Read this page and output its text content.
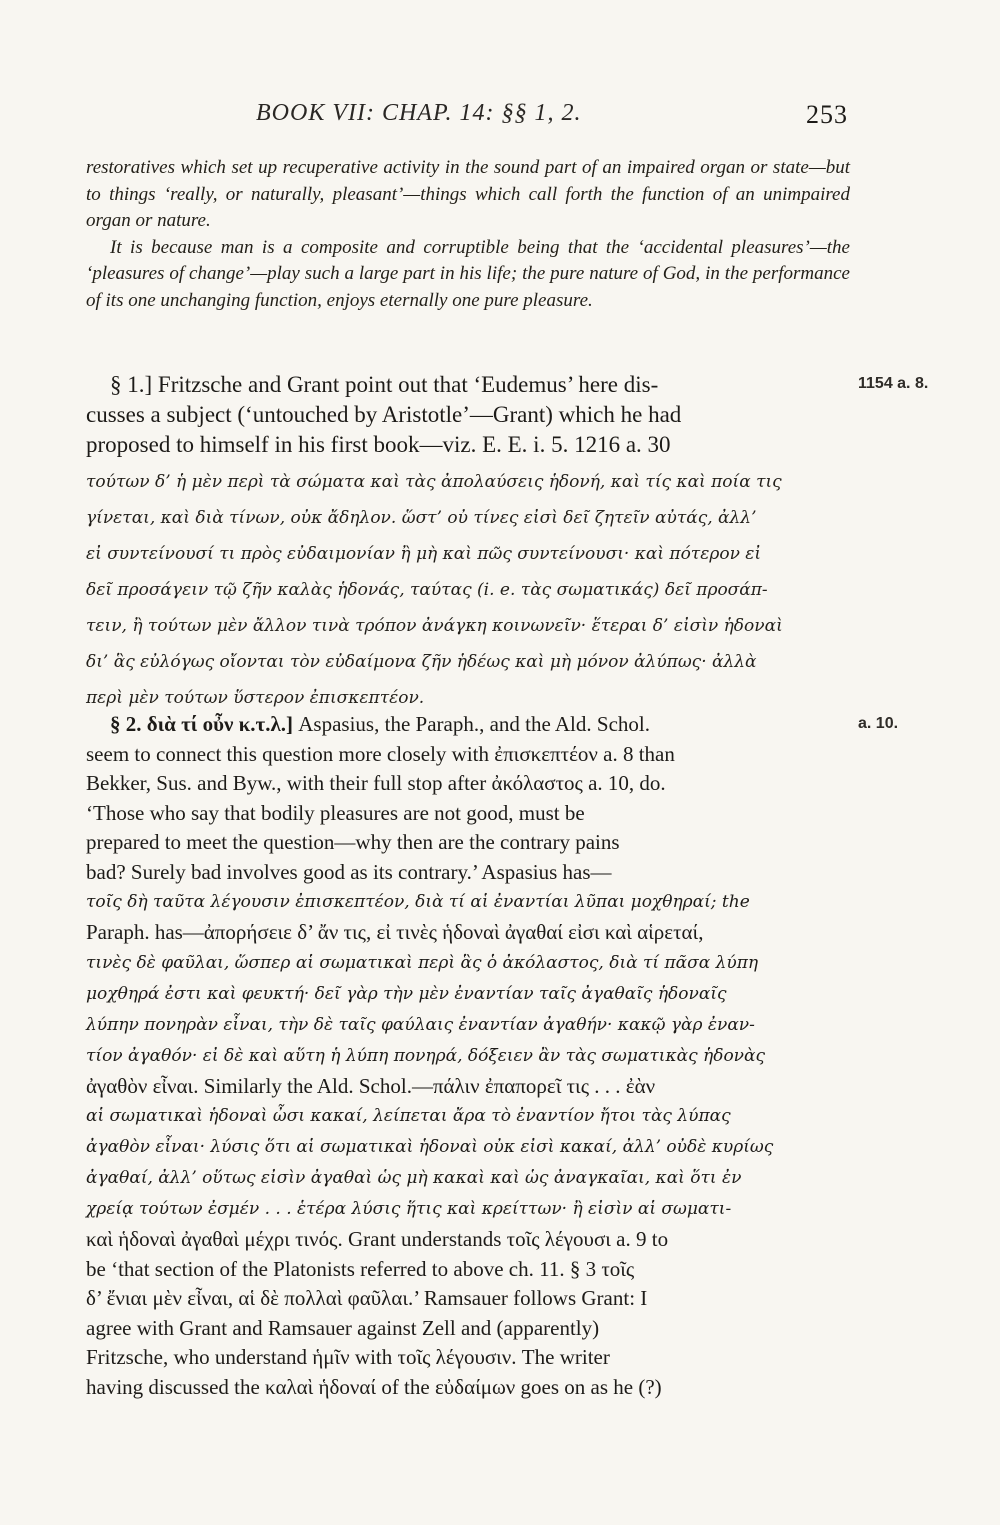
BOOK VII: CHAP. 14: §§ 1, 2.	253

restoratives which set up recuperative activity in the sound part of an impaired organ or state—but to things ‘really, or naturally, pleasant’—things which call forth the function of an unimpaired organ or nature.

It is because man is a composite and corruptible being that the ‘accidental pleasures’—the ‘pleasures of change’—play such a large part in his life; the pure nature of God, in the performance of its one unchanging function, enjoys eternally one pure pleasure.

§ 1.] Fritzsche and Grant point out that ‘Eudemus’ here dis-
cusses a subject (‘untouched by Aristotle’—Grant) which he had
proposed to himself in his first book—viz. E. E. i. 5. 1216 a. 30
τούτων δ’ ἡ μὲν περὶ τὰ σώματα καὶ τὰς ἀπολαύσεις ἡδονή, καὶ τίς καὶ ποία τις
γίνεται, καὶ διὰ τίνων, οὐκ ἄδηλον. ὥστ’ οὐ τίνες εἰσὶ δεῖ ζητεῖν αὐτάς, ἀλλ’
εἰ συντείνουσί τι πρὸς εὐδαιμονίαν ἢ μὴ καὶ πῶς συντείνουσι· καὶ πότερον εἰ
δεῖ προσάγειν τῷ ζῆν καλὰς ἡδονάς, ταύτας (i. e. τὰς σωματικάς) δεῖ προσάπ-
τειν, ἢ τούτων μὲν ἄλλον τινὰ τρόπον ἀνάγκη κοινωνεῖν· ἕτεραι δ’ εἰσὶν ἡδοναὶ
δι’ ἃς εὐλόγως οἴονται τὸν εὐδαίμονα ζῆν ἡδέως καὶ μὴ μόνον ἀλύπως· ἀλλὰ
περὶ μὲν τούτων ὕστερον ἐπισκεπτέον.
1154 a. 8.
§ 2. διὰ τί οὖν κ.τ.λ.] Aspasius, the Paraph., and the Ald. Schol.
seem to connect this question more closely with ἐπισκεπτέον a. 8 than
Bekker, Sus. and Byw., with their full stop after ἀκόλαστος a. 10, do.
‘Those who say that bodily pleasures are not good, must be
prepared to meet the question—why then are the contrary pains
bad? Surely bad involves good as its contrary.’ Aspasius has—
τοῖς δὴ ταῦτα λέγουσιν ἐπισκεπτέον, διὰ τί αἱ ἐναντίαι λῦπαι μοχθηραί; the
Paraph. has—ἀπορήσειε δ’ ἄν τις, εἰ τινὲς ἡδοναὶ ἀγαθαί εἰσι καὶ αἱρεταί,
τινὲς δὲ φαῦλαι, ὥσπερ αἱ σωματικαὶ περὶ ἃς ὁ ἀκόλαστος, διὰ τί πᾶσα λύπη
μοχθηρά ἐστι καὶ φευκτή· δεῖ γὰρ τὴν μὲν ἐναντίαν ταῖς ἀγαθαῖς ἡδοναῖς
λύπην πονηρὰν εἶναι, τὴν δὲ ταῖς φαύλαις ἐναντίαν ἀγαθήν· κακῷ γὰρ ἐναν-
τίον ἀγαθόν· εἰ δὲ καὶ αὕτη ἡ λύπη πονηρά, δόξειεν ἂν τὰς σωματικὰς ἡδονὰς
ἀγαθὸν εἶναι. Similarly the Ald. Schol.—πάλιν ἐπαπορεῖ τις . . . ἐὰν
αἱ σωματικαὶ ἡδοναὶ ὦσι κακαί, λείπεται ἄρα τὸ ἐναντίον ἤτοι τὰς λύπας
ἀγαθὸν εἶναι· λύσις ὅτι αἱ σωματικαὶ ἡδοναὶ οὐκ εἰσὶ κακαί, ἀλλ’ οὐδὲ κυρίως
ἀγαθαί, ἀλλ’ οὕτως εἰσὶν ἀγαθαὶ ὡς μὴ κακαὶ καὶ ὡς ἀναγκαῖαι, καὶ ὅτι ἐν
χρείᾳ τούτων ἐσμέν . . . ἑτέρα λύσις ἥτις καὶ κρείττων· ἢ εἰσὶν αἱ σωματι-
καὶ ἡδοναὶ ἀγαθαὶ μέχρι τινός. Grant understands τοῖς λέγουσι a. 9 to
be ‘that section of the Platonists referred to above ch. 11. § 3 τοῖς
δ’ ἔνιαι μὲν εἶναι, αἱ δὲ πολλαὶ φαῦλαι.’ Ramsauer follows Grant: I
agree with Grant and Ramsauer against Zell and (apparently)
Fritzsche, who understand ἡμῖν with τοῖς λέγουσιν. The writer
having discussed the καλαὶ ἡδοναί of the εὐδαίμων goes on as he (?)
a. 10.
